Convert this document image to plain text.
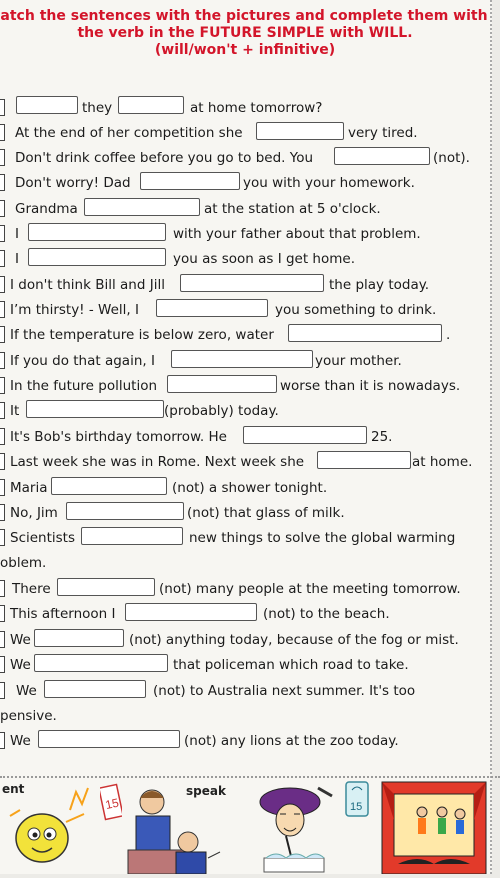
atch the sentences with the pictures and complete them with
the verb in the FUTURE SIMPLE with WILL.
(will/won't + infinitive)
they	at home tomorrow?
At the end of her competition she	very tired.
Don't drink coffee before you go to bed. You	(not).
Don't worry! Dad	you with your homework.
Grandma	at the station at 5 o'clock.
I	with your father about that problem.
I	you as soon as I get home.
I don't think Bill and Jill	the play today.
I’m thirsty! - Well, I	you something to drink.
If the temperature is below zero, water	.
If you do that again, I	your mother.
In the future pollution	worse than it is nowadays.
It	(probably) today.
It's Bob's birthday tomorrow. He	25.
Last week she was in Rome. Next week she	at home.
Maria	(not) a shower tonight.
No, Jim	(not) that glass of milk.
Scientists	new things to solve the global warming
oblem.
There	(not) many people at the meeting tomorrow.
This afternoon I	(not) to the beach.
We	(not) anything today, because of the fog or mist.
We	that policeman which road to take.
We	(not) to Australia next summer. It's too
pensive.
We	(not) any lions at the zoo today.
ent
15
speak
15
